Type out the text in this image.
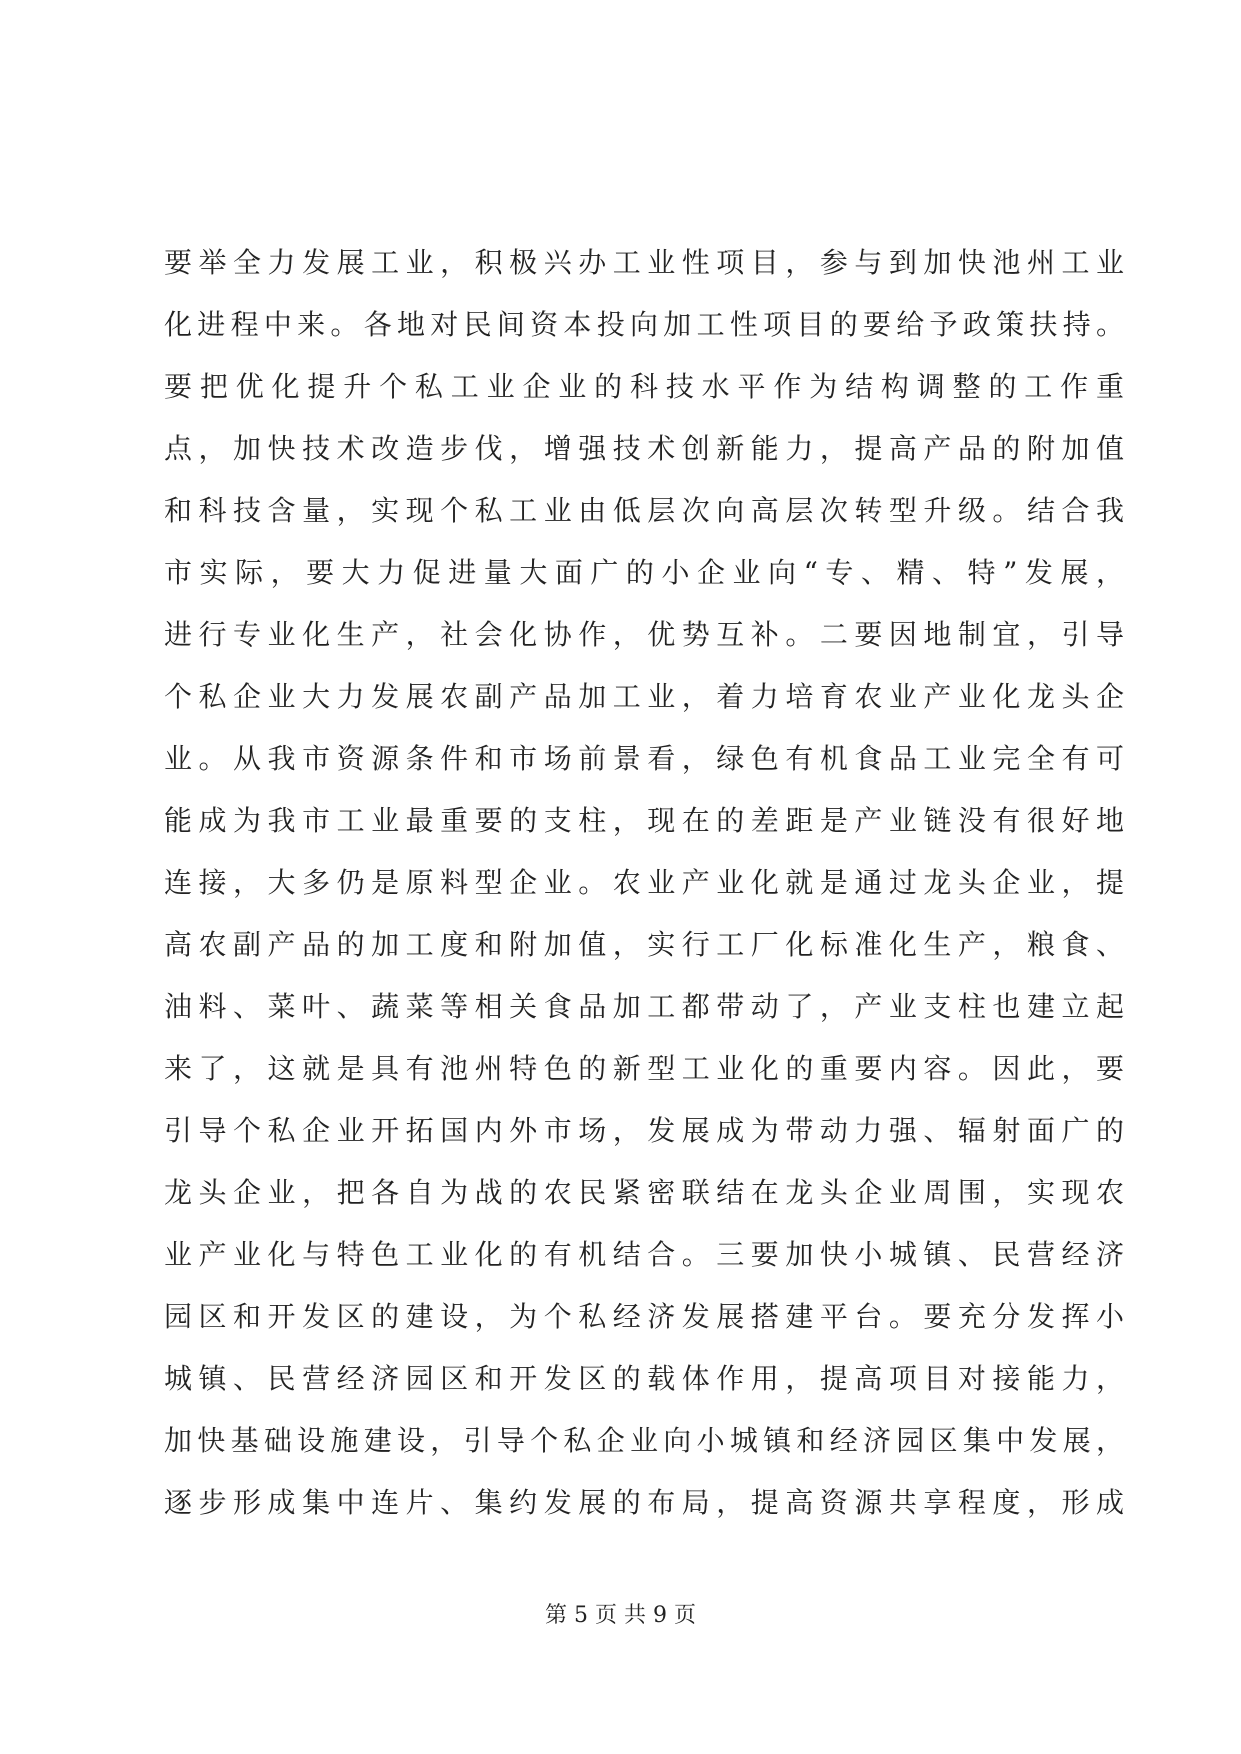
要举全力发展工业，积极兴办工业性项目，参与到加快池州工业
化进程中来。各地对民间资本投向加工性项目的要给予政策扶持。
要把优化提升个私工业企业的科技水平作为结构调整的工作重
点，加快技术改造步伐，增强技术创新能力，提高产品的附加值
和科技含量，实现个私工业由低层次向高层次转型升级。结合我
市实际，要大力促进量大面广的小企业向“专、精、特”发展，
进行专业化生产，社会化协作，优势互补。二要因地制宜，引导
个私企业大力发展农副产品加工业，着力培育农业产业化龙头企
业。从我市资源条件和市场前景看，绿色有机食品工业完全有可
能成为我市工业最重要的支柱，现在的差距是产业链没有很好地
连接，大多仍是原料型企业。农业产业化就是通过龙头企业，提
高农副产品的加工度和附加值，实行工厂化标准化生产，粮食、
油料、菜叶、蔬菜等相关食品加工都带动了，产业支柱也建立起
来了，这就是具有池州特色的新型工业化的重要内容。因此，要
引导个私企业开拓国内外市场，发展成为带动力强、辐射面广的
龙头企业，把各自为战的农民紧密联结在龙头企业周围，实现农
业产业化与特色工业化的有机结合。三要加快小城镇、民营经济
园区和开发区的建设，为个私经济发展搭建平台。要充分发挥小
城镇、民营经济园区和开发区的载体作用，提高项目对接能力，
加快基础设施建设，引导个私企业向小城镇和经济园区集中发展，
逐步形成集中连片、集约发展的布局，提高资源共享程度，形成
第 5 页 共 9 页
